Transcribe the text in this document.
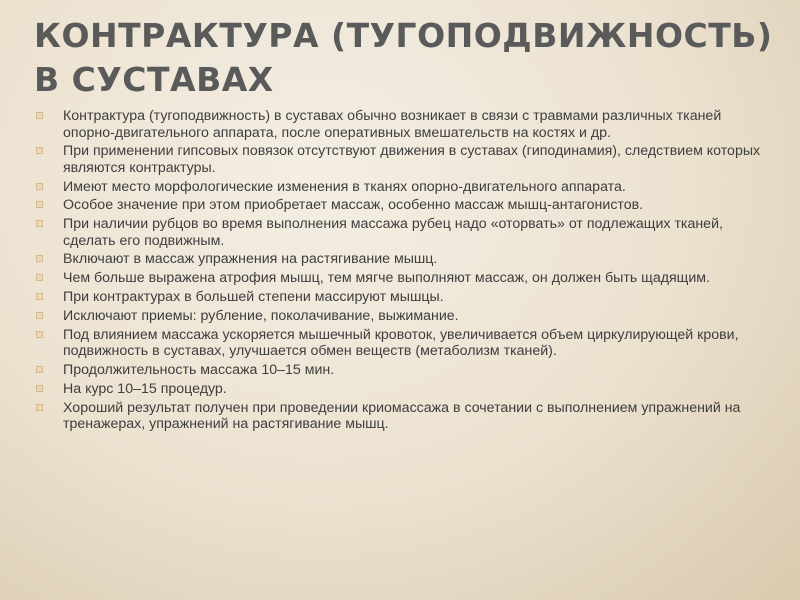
КОНТРАКТУРА (ТУГОПОДВИЖНОСТЬ) В СУСТАВАХ
Контрактура (тугоподвижность) в суставах обычно возникает в связи с травмами различных тканей опорно-двигательного аппарата, после оперативных вмешательств на костях и др.
При применении гипсовых повязок отсутствуют движения в суставах (гиподинамия), следствием которых являются контрактуры.
Имеют место морфологические изменения в тканях опорно-двигательного аппарата.
Особое значение при этом приобретает массаж, особенно массаж мышц-антагонистов.
При наличии рубцов во время выполнения массажа рубец надо «оторвать» от подлежащих тканей, сделать его подвижным.
Включают в массаж упражнения на растягивание мышц.
Чем больше выражена атрофия мышц, тем мягче выполняют массаж, он должен быть щадящим.
При контрактурах в большей степени массируют мышцы.
Исключают приемы: рубление, поколачивание, выжимание.
Под влиянием массажа ускоряется мышечный кровоток, увеличивается объем циркулирующей крови, подвижность в суставах, улучшается обмен веществ (метаболизм тканей).
Продолжительность массажа 10–15 мин.
На курс 10–15 процедур.
Хороший результат получен при проведении криомассажа в сочетании с выполнением упражнений на тренажерах, упражнений на растягивание мышц.
